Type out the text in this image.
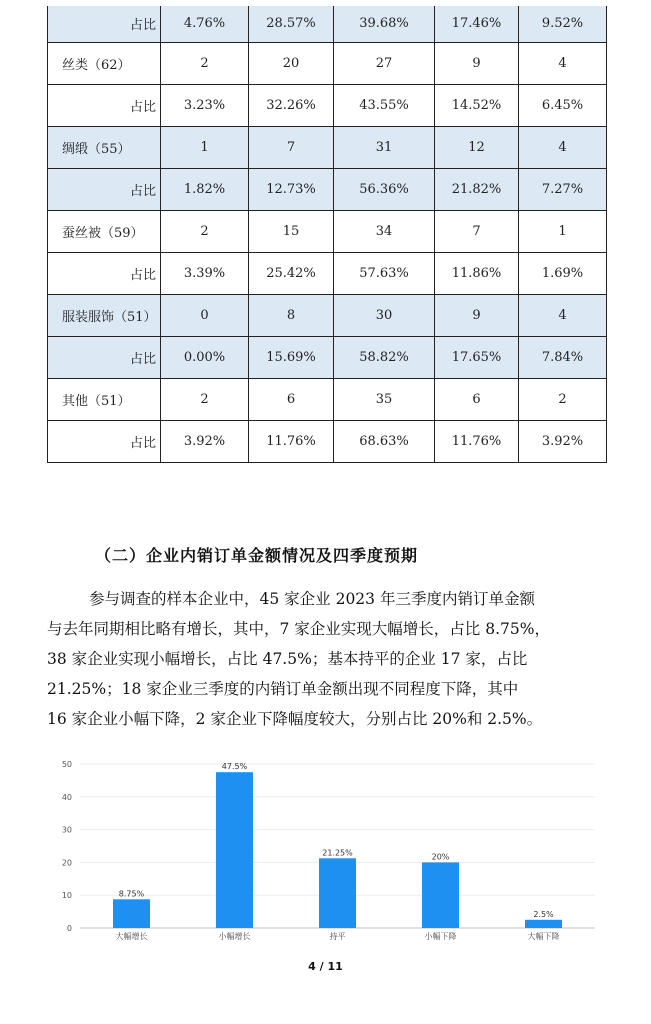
占比	4.76%	28.57%	39.68%	17.46%	9.52%
丝类（62）	2	20	27	9	4
占比	3.23%	32.26%	43.55%	14.52%	6.45%
绸缎（55）	1	7	31	12	4
占比	1.82%	12.73%	56.36%	21.82%	7.27%
蚕丝被（59）	2	15	34	7	1
占比	3.39%	25.42%	57.63%	11.86%	1.69%
服装服饰（51）	0	8	30	9	4
占比	0.00%	15.69%	58.82%	17.65%	7.84%
其他（51）	2	6	35	6	2
占比	3.92%	11.76%	68.63%	11.76%	3.92%
（二）企业内销订单金额情况及四季度预期
参与调查的样本企业中，45 家企业 2023 年三季度内销订单金额
与去年同期相比略有增长，其中，7 家企业实现大幅增长，占比 8.75%，
38 家企业实现小幅增长，占比 47.5%；基本持平的企业 17 家，占比
21.25%；18 家企业三季度的内销订单金额出现不同程度下降，其中
16 家企业小幅下降，2 家企业下降幅度较大，分别占比 20%和 2.5%。
0
10
20
30
40
50
8.75%
大幅增长
47.5%
小幅增长
21.25%
持平
20%
小幅下降
2.5%
大幅下降
4 / 11
